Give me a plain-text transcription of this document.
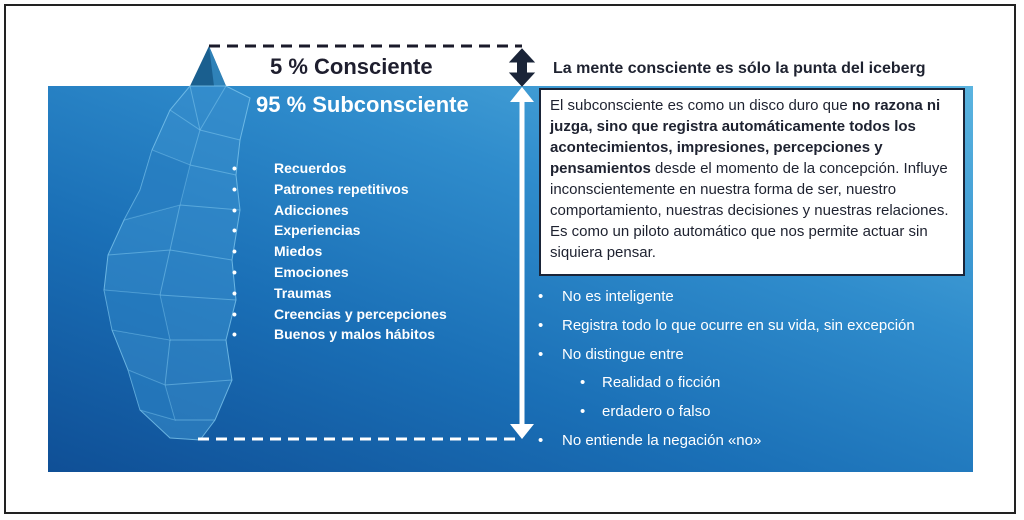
5 % Consciente
95 % Subconsciente
La mente consciente es sólo la punta del iceberg
El subconsciente es como un disco duro que no razona ni juzga, sino que registra automáticamente todos los acontecimientos, impresiones, percepciones y pensamientos desde el momento de la concepción. Influye inconscientemente en nuestra forma de ser, nuestro comportamiento, nuestras decisiones y nuestras relaciones. Es como un piloto automático que nos permite actuar sin siquiera pensar.
• Recuerdos
• Patrones repetitivos
• Adicciones
• Experiencias
• Miedos
• Emociones
• Traumas
• Creencias y percepciones
• Buenos y malos hábitos
• No es inteligente
• Registra todo lo que ocurre en su vida, sin excepción
• No distingue entre
• Realidad o ficción
• erdadero o falso
• No entiende la negación «no»
